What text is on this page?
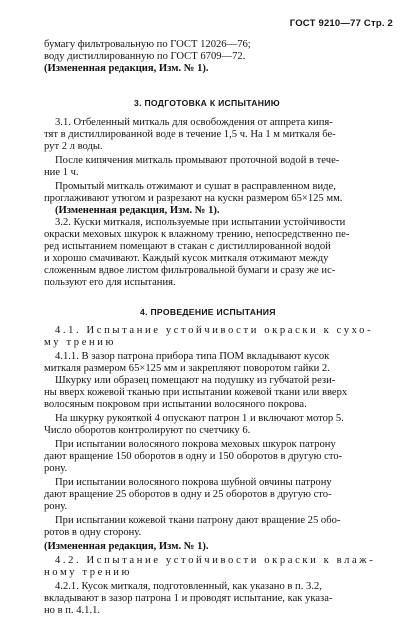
ГОСТ 9210—77 Стр. 2
бумагу фильтровальную по ГОСТ 12026—76;
воду дистиллированную по ГОСТ 6709—72.
(Измененная редакция, Изм. № 1).
3. ПОДГОТОВКА К ИСПЫТАНИЮ
3.1. Отбеленный миткаль для освобождения от аппрета кипя-
тят в дистиллированной воде в течение 1,5 ч. На 1 м миткаля бе-
рут 2 л воды.
После кипячения миткаль промывают проточной водой в тече-
ние 1 ч.
Промытый миткаль отжимают и сушат в расправленном виде,
проглаживают утюгом и разрезают на кускн размером 65×125 мм.
(Измененная редакция, Изм. № 1).
3.2. Куски миткаля, используемые при испытании устойчивости
окраски меховых шкурок к влажному трению, непосредственно пе-
ред испытанием помещают в стакан с дистиллированной водой
и хорошо смачивают. Каждый кусок миткаля отжимают между
сложенным вдвое листом фильтровальной бумаги и сразу же ис-
пользуют его для испытания.
4. ПРОВЕДЕНИЕ ИСПЫТАНИЯ
4.1. Испытание устойчивости окраски к сухо-
му трению
4.1.1. В зазор патрона прибора типа ПОМ вкладывают кусок
миткаля размером 65×125 мм и закрепляют поворотом гайки 2.
Шкурку или образец помещают на подушку из губчатой рези-
ны вверх кожевой тканью при испытании кожевой ткани или вверх
волосяным покровом при испытании волосяного покрова.
На шкурку рукояткой 4 опускают патрон 1 и включают мотор 5.
Число оборотов контролируют по счетчику 6.
При испытании волосяного покрова меховых шкурок патрону
дают вращение 150 оборотов в одну и 150 оборотов в другую сто-
рону.
При испытании волосяного покрова шубной овчины патрону
дают вращение 25 оборотов в одну и 25 оборотов в другую сто-
рону.
При испытании кожевой ткани патрону дают вращение 25 обо-
ротов в одну сторону.
(Измененная редакция, Изм. № 1).
4.2. Испытание устойчивости окраски к влаж-
ному трению
4.2.1. Кусок миткаля, подготовленный, как указано в п. 3.2,
вкладывают в зазор патрона 1 и проводят испытание, как указа-
но в п. 4.1.1.
